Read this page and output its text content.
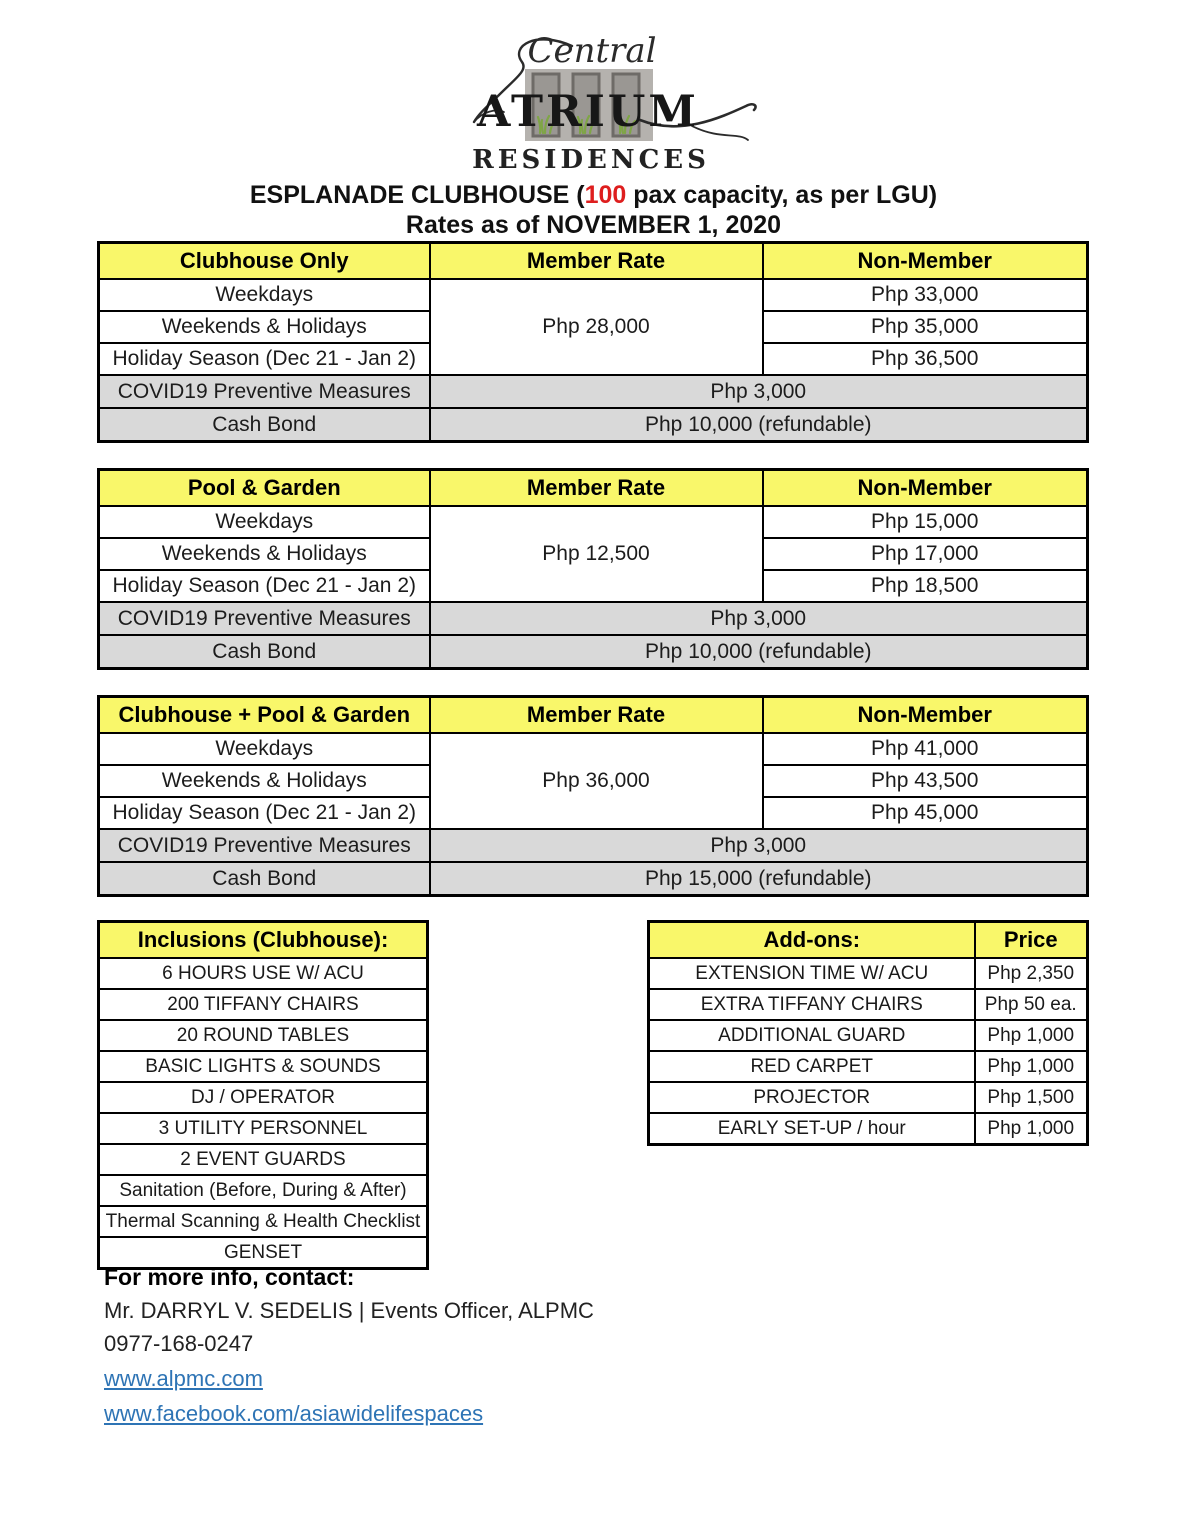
Central
ATRIUM
RESIDENCES
ESPLANADE CLUBHOUSE (100 pax capacity, as per LGU)
Rates as of NOVEMBER 1, 2020
Clubhouse Only	Member Rate	Non-Member
Weekdays	Php 28,000	Php 33,000
Weekends & Holidays		Php 35,000
Holiday Season (Dec 21 - Jan 2)		Php 36,500
COVID19 Preventive Measures	Php 3,000	
Cash Bond	Php 10,000 (refundable)	
Pool & Garden	Member Rate	Non-Member
Weekdays	Php 12,500	Php 15,000
Weekends & Holidays		Php 17,000
Holiday Season (Dec 21 - Jan 2)		Php 18,500
COVID19 Preventive Measures	Php 3,000	
Cash Bond	Php 10,000 (refundable)	
Clubhouse + Pool & Garden	Member Rate	Non-Member
Weekdays	Php 36,000	Php 41,000
Weekends & Holidays		Php 43,500
Holiday Season (Dec 21 - Jan 2)		Php 45,000
COVID19 Preventive Measures	Php 3,000	
Cash Bond	Php 15,000 (refundable)	
Inclusions (Clubhouse):
6 HOURS USE W/ ACU
200 TIFFANY CHAIRS
20 ROUND TABLES
BASIC LIGHTS & SOUNDS
DJ / OPERATOR
3 UTILITY PERSONNEL
2 EVENT GUARDS
Sanitation (Before, During & After)
Thermal Scanning & Health Checklist
GENSET
Add-ons:	Price
EXTENSION TIME W/ ACU	Php 2,350
EXTRA TIFFANY CHAIRS	Php 50 ea.
ADDITIONAL GUARD	Php 1,000
RED CARPET	Php 1,000
PROJECTOR	Php 1,500
EARLY SET-UP / hour	Php 1,000
For more info, contact:
Mr. DARRYL V. SEDELIS | Events Officer, ALPMC
0977-168-0247
www.alpmc.com
www.facebook.com/asiawidelifespaces
